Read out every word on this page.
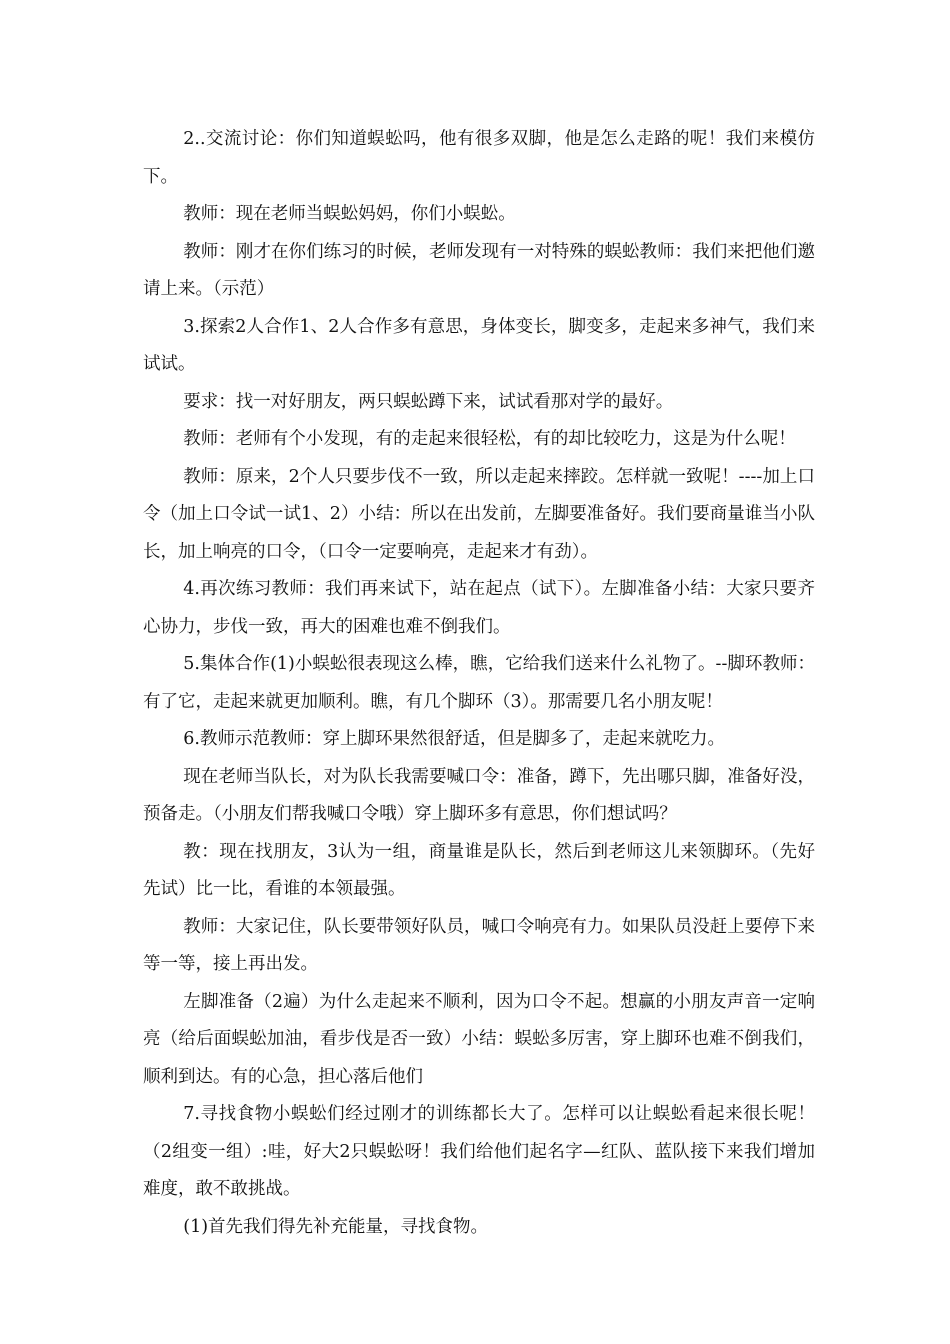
2..交流讨论：你们知道蜈蚣吗，他有很多双脚，他是怎么走路的呢！我们来模仿下。

教师：现在老师当蜈蚣妈妈，你们小蜈蚣。

教师：刚才在你们练习的时候，老师发现有一对特殊的蜈蚣教师：我们来把他们邀请上来。（示范）

3.探索2人合作1、2人合作多有意思，身体变长，脚变多，走起来多神气，我们来试试。

要求：找一对好朋友，两只蜈蚣蹲下来，试试看那对学的最好。

教师：老师有个小发现，有的走起来很轻松，有的却比较吃力，这是为什么呢！

教师：原来，2个人只要步伐不一致，所以走起来摔跤。怎样就一致呢！----加上口令（加上口令试一试1、2）小结：所以在出发前，左脚要准备好。我们要商量谁当小队长，加上响亮的口令，（口令一定要响亮，走起来才有劲）。

4.再次练习教师：我们再来试下，站在起点（试下）。左脚准备小结：大家只要齐心协力，步伐一致，再大的困难也难不倒我们。

5.集体合作(1)小蜈蚣很表现这么棒，瞧，它给我们送来什么礼物了。--脚环教师：有了它，走起来就更加顺利。瞧，有几个脚环（3）。那需要几名小朋友呢！

6.教师示范教师：穿上脚环果然很舒适，但是脚多了，走起来就吃力。

现在老师当队长，对为队长我需要喊口令：准备，蹲下，先出哪只脚，准备好没，预备走。（小朋友们帮我喊口令哦）穿上脚环多有意思，你们想试吗？

教：现在找朋友，3认为一组，商量谁是队长，然后到老师这儿来领脚环。（先好先试）比一比，看谁的本领最强。

教师：大家记住，队长要带领好队员，喊口令响亮有力。如果队员没赶上要停下来等一等，接上再出发。

左脚准备（2遍）为什么走起来不顺利，因为口令不起。想赢的小朋友声音一定响亮（给后面蜈蚣加油，看步伐是否一致）小结：蜈蚣多厉害，穿上脚环也难不倒我们，顺利到达。有的心急，担心落后他们

7.寻找食物小蜈蚣们经过刚才的训练都长大了。怎样可以让蜈蚣看起来很长呢！（2组变一组）:哇，好大2只蜈蚣呀！我们给他们起名字—红队、蓝队接下来我们增加难度，敢不敢挑战。

(1)首先我们得先补充能量，寻找食物。
